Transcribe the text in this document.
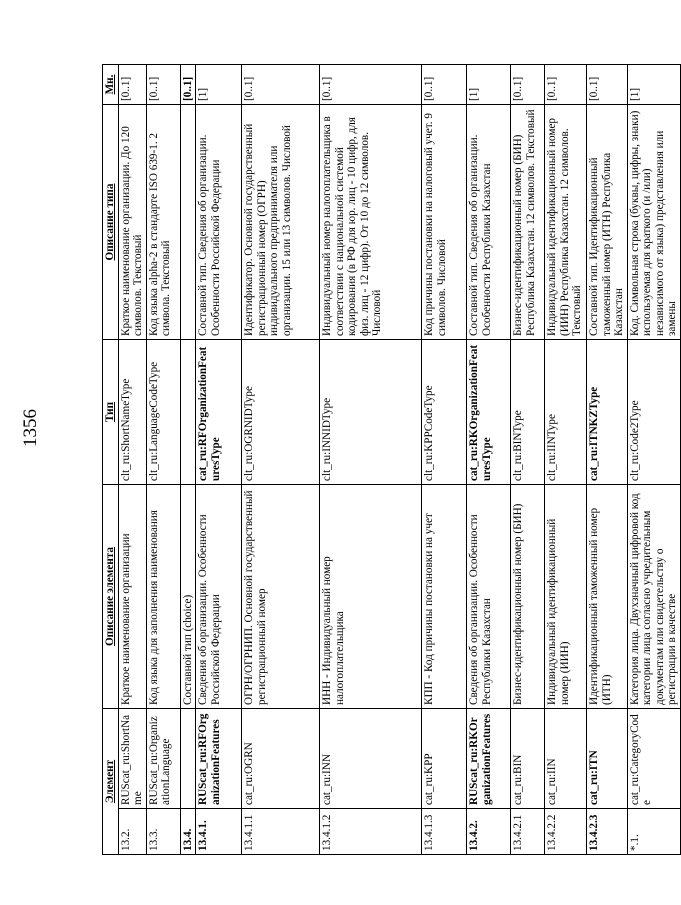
1356
Элемент		Описание элемента	Тип	Описание типа	Мн.
13.2.	RUScat_ru:ShortName	Краткое наименование организации	clt_ru:ShortNameType	Краткое наименование организации. До 120 символов. Текстовый	[0..1]
13.3.	RUScat_ru:OrganizationLanguage	Код языка для заполнения наименования	clt_ru:LanguageCodeType	Код языка alpha-2 в стандарте ISO 639-1. 2 символа. Текстовый	[0..1]
13.4.		Составной тип (choice)			[0..1]
13.4.1.	RUScat_ru:RFOrganizationFeatures	Сведения об организации. Особенности Российской Федерации	cat_ru:RFOrganizationFeaturesType	Составной тип. Сведения об организации. Особенности Российской Федерации	[1]
13.4.1.1	cat_ru:OGRN	ОГРН/ОГРНИП. Основной государственный регистрационный номер	clt_ru:OGRNIDType	Идентификатор. Основной государственный регистрационный номер (ОГРН) индивидуального предпринимателя или организации. 15 или 13 символов. Числовой	[0..1]
13.4.1.2	cat_ru:INN	ИНН - Индивидуальный номер налогоплательщика	clt_ru:INNIDType	Индивидуальный номер налогоплательщика в соответствии с национальной системой кодирования (в РФ для юр. лиц - 10 цифр, для физ. лиц - 12 цифр). От 10 до 12 символов. Числовой	[0..1]
13.4.1.3	cat_ru:KPP	КПП - Код причины постановки на учет	clt_ru:KPPCodeType	Код причины постановки на налоговый учет. 9 символов. Числовой	[0..1]
13.4.2.	RUScat_ru:RKOrganizationFeatures	Сведения об организации. Особенности Республики Казахстан	cat_ru:RKOrganizationFeaturesType	Составной тип. Сведения об организации. Особенности Республики Казахстан	[1]
13.4.2.1	cat_ru:BIN	Бизнес-идентификационный номер (БИН)	clt_ru:BINType	Бизнес-идентификационный номер (БИН) Республика Казахстан. 12 символов. Текстовый	[0..1]
13.4.2.2	cat_ru:IIN	Индивидуальный идентификационный номер (ИИН)	clt_ru:IINType	Индивидуальный идентификационный номер (ИИН) Республика Казахстан. 12 символов. Текстовый	[0..1]
13.4.2.3	cat_ru:ITN	Идентификационный таможенный номер (ИТН)	cat_ru:ITNKZType	Составной тип. Идентификационный таможенный номер (ИТН) Республика Казахстан	[0..1]
*.1.	cat_ru:CategoryCode	Категория лица. Двухзначный цифровой код категории лица согласно учредительным документам или свидетельству о регистрации в качестве	clt_ru:Code2Type	Код. Символьная строка (буквы, цифры, знаки) используемая для краткого (и /или) независимого от языка) представления или замены	[1]
